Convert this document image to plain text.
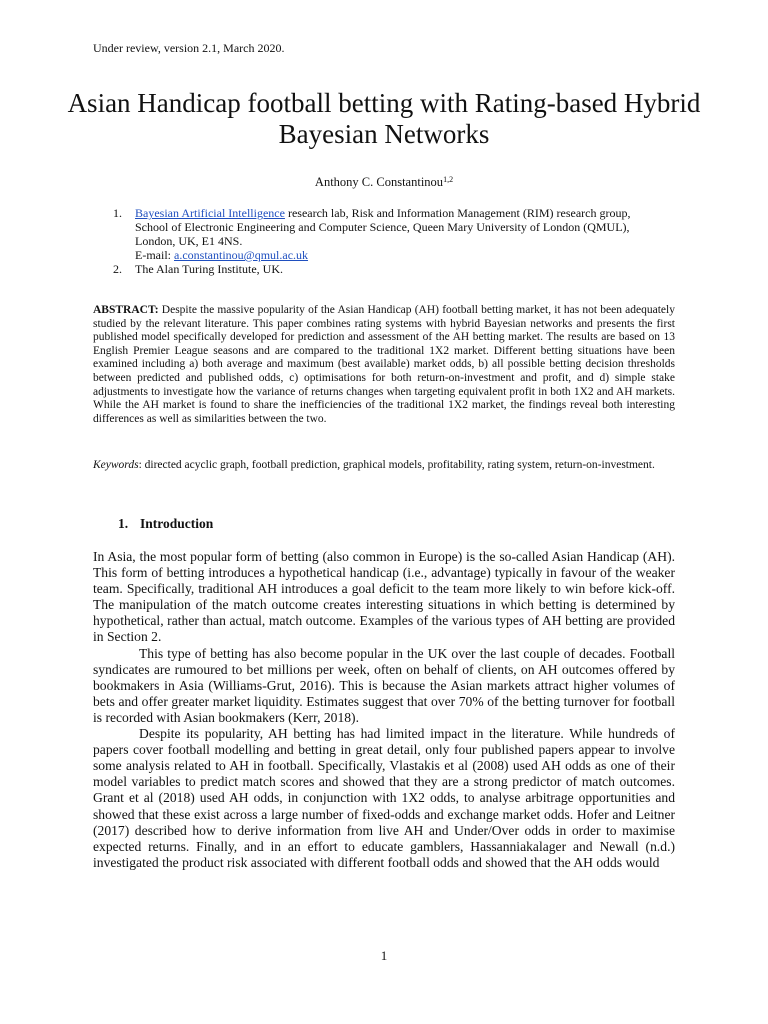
Under review, version 2.1, March 2020.
Asian Handicap football betting with Rating-based Hybrid Bayesian Networks
Anthony C. Constantinou$^{1,2}$
1. Bayesian Artificial Intelligence research lab, Risk and Information Management (RIM) research group,
School of Electronic Engineering and Computer Science, Queen Mary University of London (QMUL),
London, UK, E1 4NS.
E-mail: a.constantinou@qmul.ac.uk
2. The Alan Turing Institute, UK.
ABSTRACT: Despite the massive popularity of the Asian Handicap (AH) football betting market, it has not been adequately studied by the relevant literature. This paper combines rating systems with hybrid Bayesian networks and presents the first published model specifically developed for prediction and assessment of the AH betting market. The results are based on 13 English Premier League seasons and are compared to the traditional 1X2 market. Different betting situations have been examined including a) both average and maximum (best available) market odds, b) all possible betting decision thresholds between predicted and published odds, c) optimisations for both return-on-investment and profit, and d) simple stake adjustments to investigate how the variance of returns changes when targeting equivalent profit in both 1X2 and AH markets. While the AH market is found to share the inefficiencies of the traditional 1X2 market, the findings reveal both interesting differences as well as similarities between the two.
Keywords: directed acyclic graph, football prediction, graphical models, profitability, rating system, return-on-investment.
1. Introduction

In Asia, the most popular form of betting (also common in Europe) is the so-called Asian Handicap (AH). This form of betting introduces a hypothetical handicap (i.e., advantage) typically in favour of the weaker team. Specifically, traditional AH introduces a goal deficit to the team more likely to win before kick-off. The manipulation of the match outcome creates interesting situations in which betting is determined by hypothetical, rather than actual, match outcome. Examples of the various types of AH betting are provided in Section 2.

This type of betting has also become popular in the UK over the last couple of decades. Football syndicates are rumoured to bet millions per week, often on behalf of clients, on AH outcomes offered by bookmakers in Asia (Williams-Grut, 2016). This is because the Asian markets attract higher volumes of bets and offer greater market liquidity. Estimates suggest that over 70% of the betting turnover for football is recorded with Asian bookmakers (Kerr, 2018).

Despite its popularity, AH betting has had limited impact in the literature. While hundreds of papers cover football modelling and betting in great detail, only four published papers appear to involve some analysis related to AH in football. Specifically, Vlastakis et al (2008) used AH odds as one of their model variables to predict match scores and showed that they are a strong predictor of match outcomes. Grant et al (2018) used AH odds, in conjunction with 1X2 odds, to analyse arbitrage opportunities and showed that these exist across a large number of fixed-odds and exchange market odds. Hofer and Leitner (2017) described how to derive information from live AH and Under/Over odds in order to maximise expected returns. Finally, and in an effort to educate gamblers, Hassanniakalager and Newall (n.d.) investigated the product risk associated with different football odds and showed that the AH odds would

1
